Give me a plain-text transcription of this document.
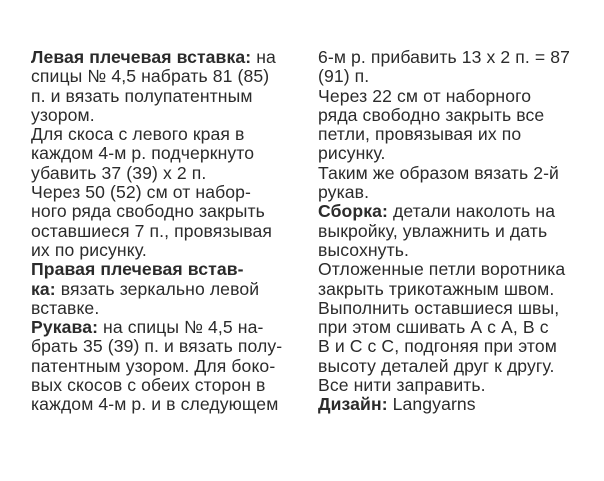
Левая плечевая вставка: на
спицы № 4,5 набрать 81 (85)
п. и вязать полупатентным
узором.
Для скоса с левого края в
каждом 4-м р. подчеркнуто
убавить 37 (39) х 2 п.
Через 50 (52) см от набор-
ного ряда свободно закрыть
оставшиеся 7 п., провязывая
их по рисунку.
Правая плечевая встав-
ка: вязать зеркально левой
вставке.
Рукава: на спицы № 4,5 на-
брать 35 (39) п. и вязать полу-
патентным узором. Для боко-
вых скосов с обеих сторон в
каждом 4-м р. и в следующем
6-м р. прибавить 13 х 2 п. = 87
(91) п.
Через 22 см от наборного
ряда свободно закрыть все
петли, провязывая их по
рисунку.
Таким же образом вязать 2-й
рукав.
Сборка: детали наколоть на
выкройку, увлажнить и дать
высохнуть.
Отложенные петли воротника
закрыть трикотажным швом.
Выполнить оставшиеся швы,
при этом сшивать А с А, В с
В и С с С, подгоняя при этом
высоту деталей друг к другу.
Все нити заправить.
Дизайн: Langyarns
